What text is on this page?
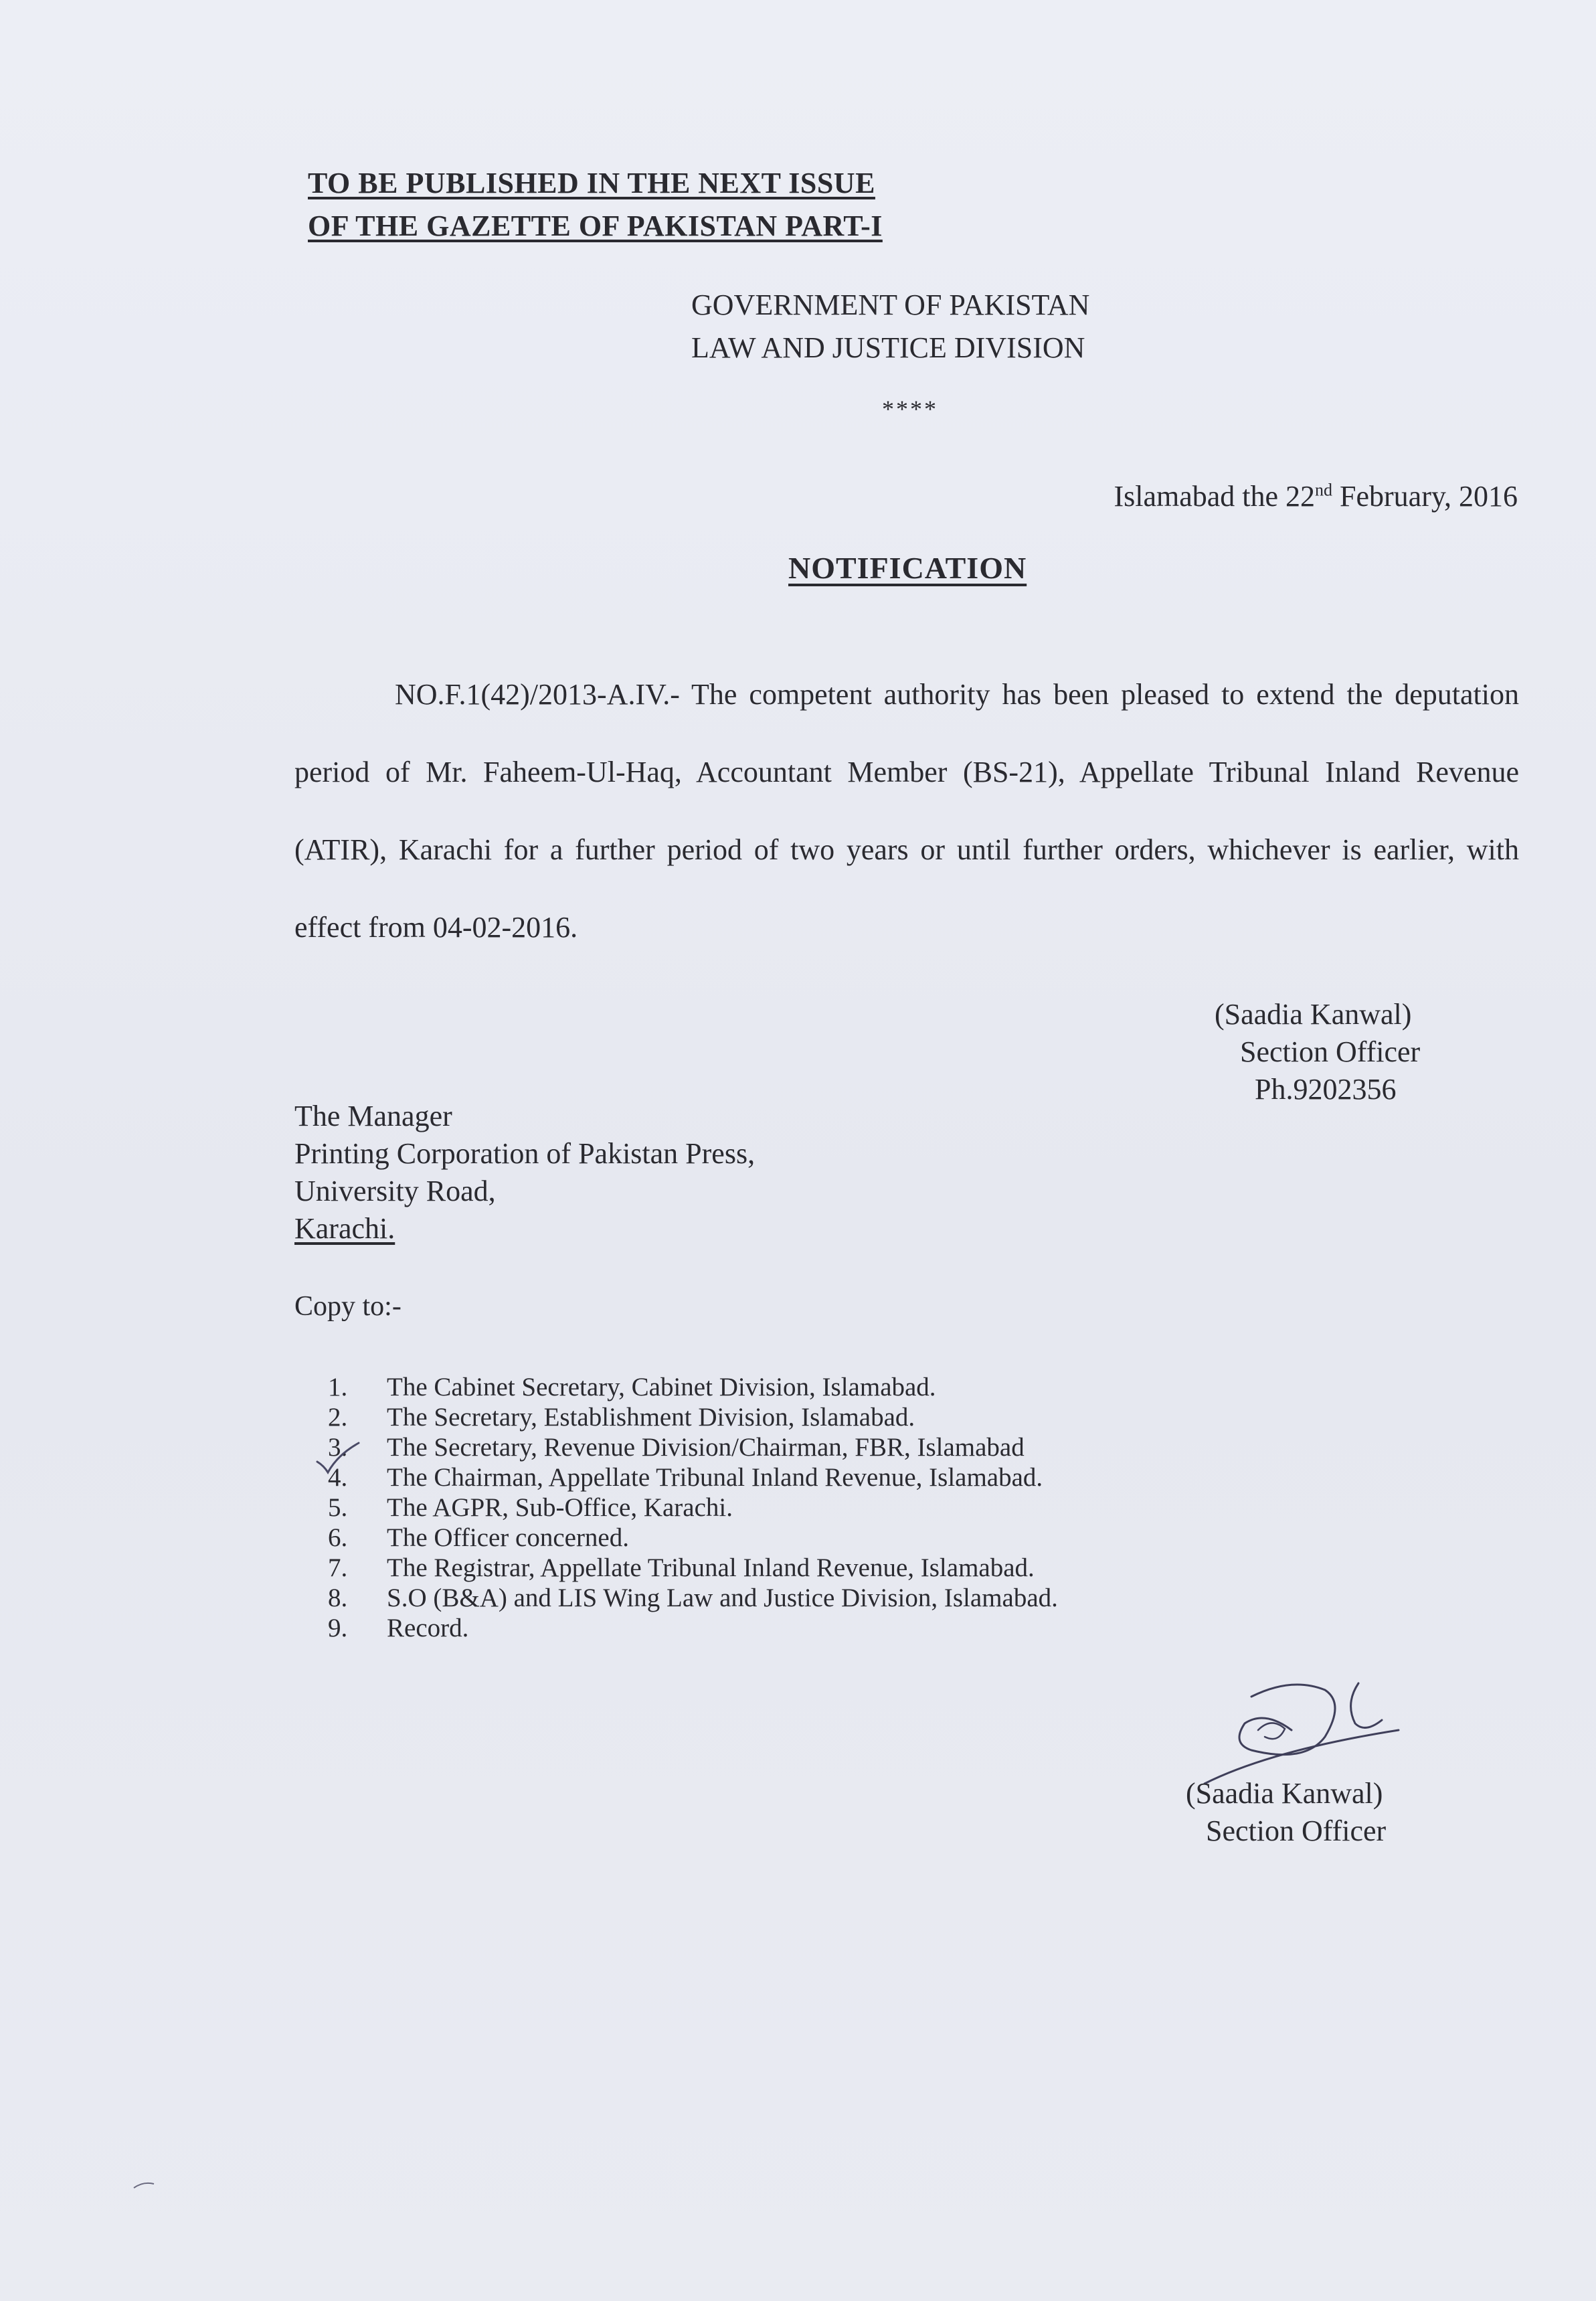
TO BE PUBLISHED IN THE NEXT ISSUE
OF THE GAZETTE OF PAKISTAN PART-I
GOVERNMENT OF PAKISTAN
LAW AND JUSTICE DIVISION
****
Islamabad the 22nd February, 2016
NOTIFICATION
NO.F.1(42)/2013-A.IV.- The competent authority has been pleased to extend the deputation period of Mr. Faheem-Ul-Haq, Accountant Member (BS-21), Appellate Tribunal Inland Revenue (ATIR), Karachi for a further period of two years or until further orders, whichever is earlier, with effect from 04-02-2016.
(Saadia Kanwal)
Section Officer
Ph.9202356
The Manager
Printing Corporation of Pakistan Press,
University Road,
Karachi.
Copy to:-
1. The Cabinet Secretary, Cabinet Division, Islamabad.
2. The Secretary, Establishment Division, Islamabad.
3. The Secretary, Revenue Division/Chairman, FBR, Islamabad
4. The Chairman, Appellate Tribunal Inland Revenue, Islamabad.
5. The AGPR, Sub-Office, Karachi.
6. The Officer concerned.
7. The Registrar, Appellate Tribunal Inland Revenue, Islamabad.
8. S.O (B&A) and LIS Wing Law and Justice Division, Islamabad.
9. Record.
(Saadia Kanwal)
Section Officer
